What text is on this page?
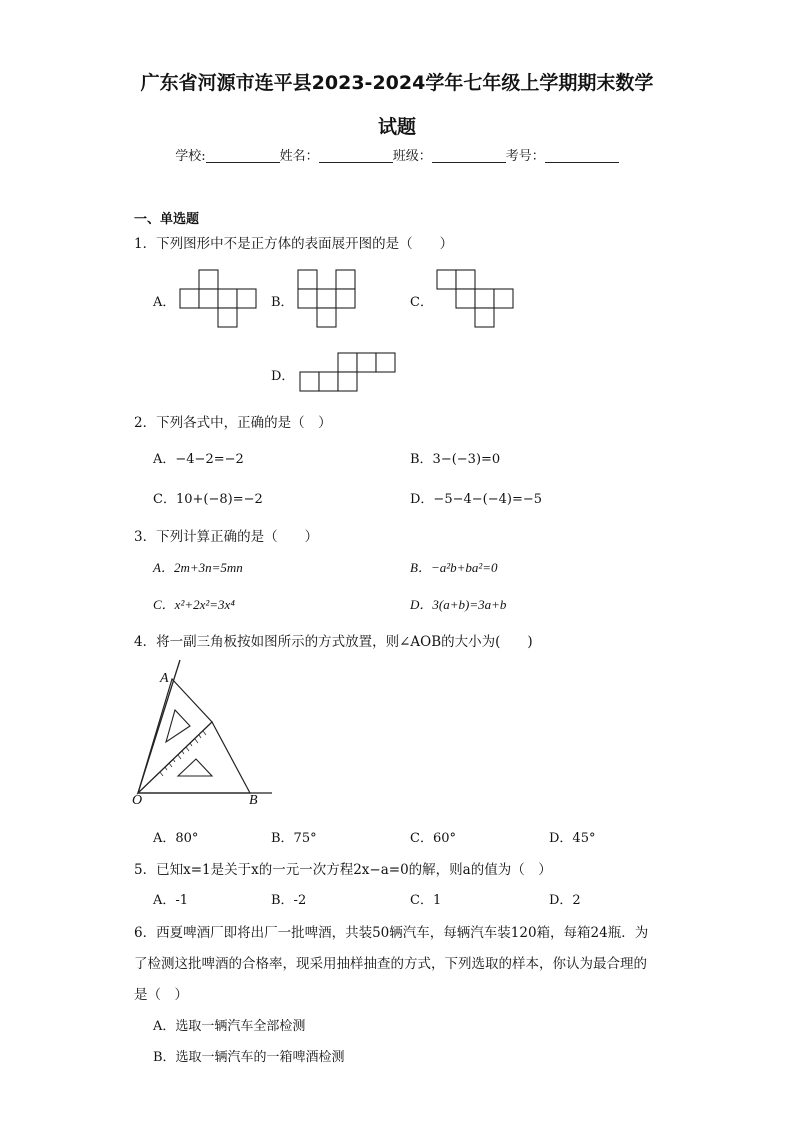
广东省河源市连平县2023-2024学年七年级上学期期末数学
试题
学校:	姓名：	班级：	考号：
一、单选题
1．下列图形中不是正方体的表面展开图的是（　　）
A．	B．	C．
D．
2．下列各式中，正确的是（　）
A．−4−2=−2	B．3−(−3)=0
C．10+(−8)=−2	D．−5−4−(−4)=−5
3．下列计算正确的是（　　）
A．2m+3n=5mn	B．−a²b+ba²=0
C．x²+2x²=3x⁴	D．3(a+b)=3a+b
4．将一副三角板按如图所示的方式放置，则∠AOB的大小为(　　)
A
O	B
A．80°	B．75°	C．60°	D．45°
5．已知x=1是关于x的一元一次方程2x−a=0的解，则a的值为（　）
A．-1	B．-2	C．1	D．2
6．西夏啤酒厂即将出厂一批啤酒，共装50辆汽车，每辆汽车装120箱，每箱24瓶．为
了检测这批啤酒的合格率，现采用抽样抽查的方式，下列选取的样本，你认为最合理的
是（　）
A．选取一辆汽车全部检测
B．选取一辆汽车的一箱啤酒检测
